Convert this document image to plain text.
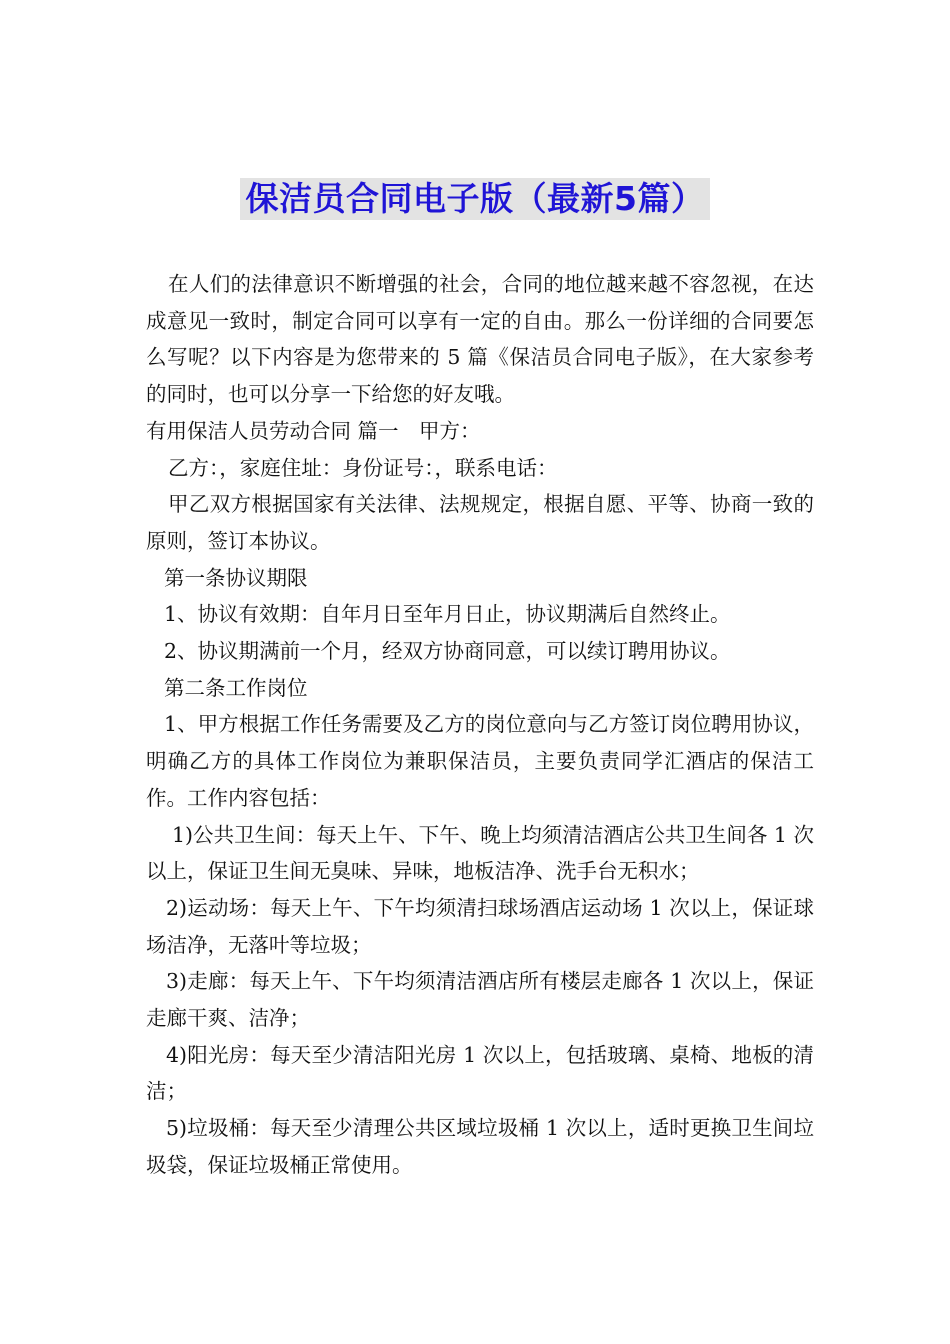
保洁员合同电子版（最新5篇）

在人们的法律意识不断增强的社会，合同的地位越来越不容忽视，在达成意见一致时，制定合同可以享有一定的自由。那么一份详细的合同要怎么写呢？以下内容是为您带来的 5 篇《保洁员合同电子版》，在大家参考的同时，也可以分享一下给您的好友哦。

有用保洁人员劳动合同 篇一　甲方：

乙方：，家庭住址：身份证号：，联系电话：

甲乙双方根据国家有关法律、法规规定，根据自愿、平等、协商一致的原则，签订本协议。

第一条协议期限

1、协议有效期：自年月日至年月日止，协议期满后自然终止。

2、协议期满前一个月，经双方协商同意，可以续订聘用协议。

第二条工作岗位

1、甲方根据工作任务需要及乙方的岗位意向与乙方签订岗位聘用协议，明确乙方的具体工作岗位为兼职保洁员，主要负责同学汇酒店的保洁工作。工作内容包括：

1)公共卫生间：每天上午、下午、晚上均须清洁酒店公共卫生间各 1 次以上，保证卫生间无臭味、异味，地板洁净、洗手台无积水；

2)运动场：每天上午、下午均须清扫球场酒店运动场 1 次以上，保证球场洁净，无落叶等垃圾；

3)走廊：每天上午、下午均须清洁酒店所有楼层走廊各 1 次以上，保证走廊干爽、洁净；

4)阳光房：每天至少清洁阳光房 1 次以上，包括玻璃、桌椅、地板的清洁；

5)垃圾桶：每天至少清理公共区域垃圾桶 1 次以上，适时更换卫生间垃圾袋，保证垃圾桶正常使用。
